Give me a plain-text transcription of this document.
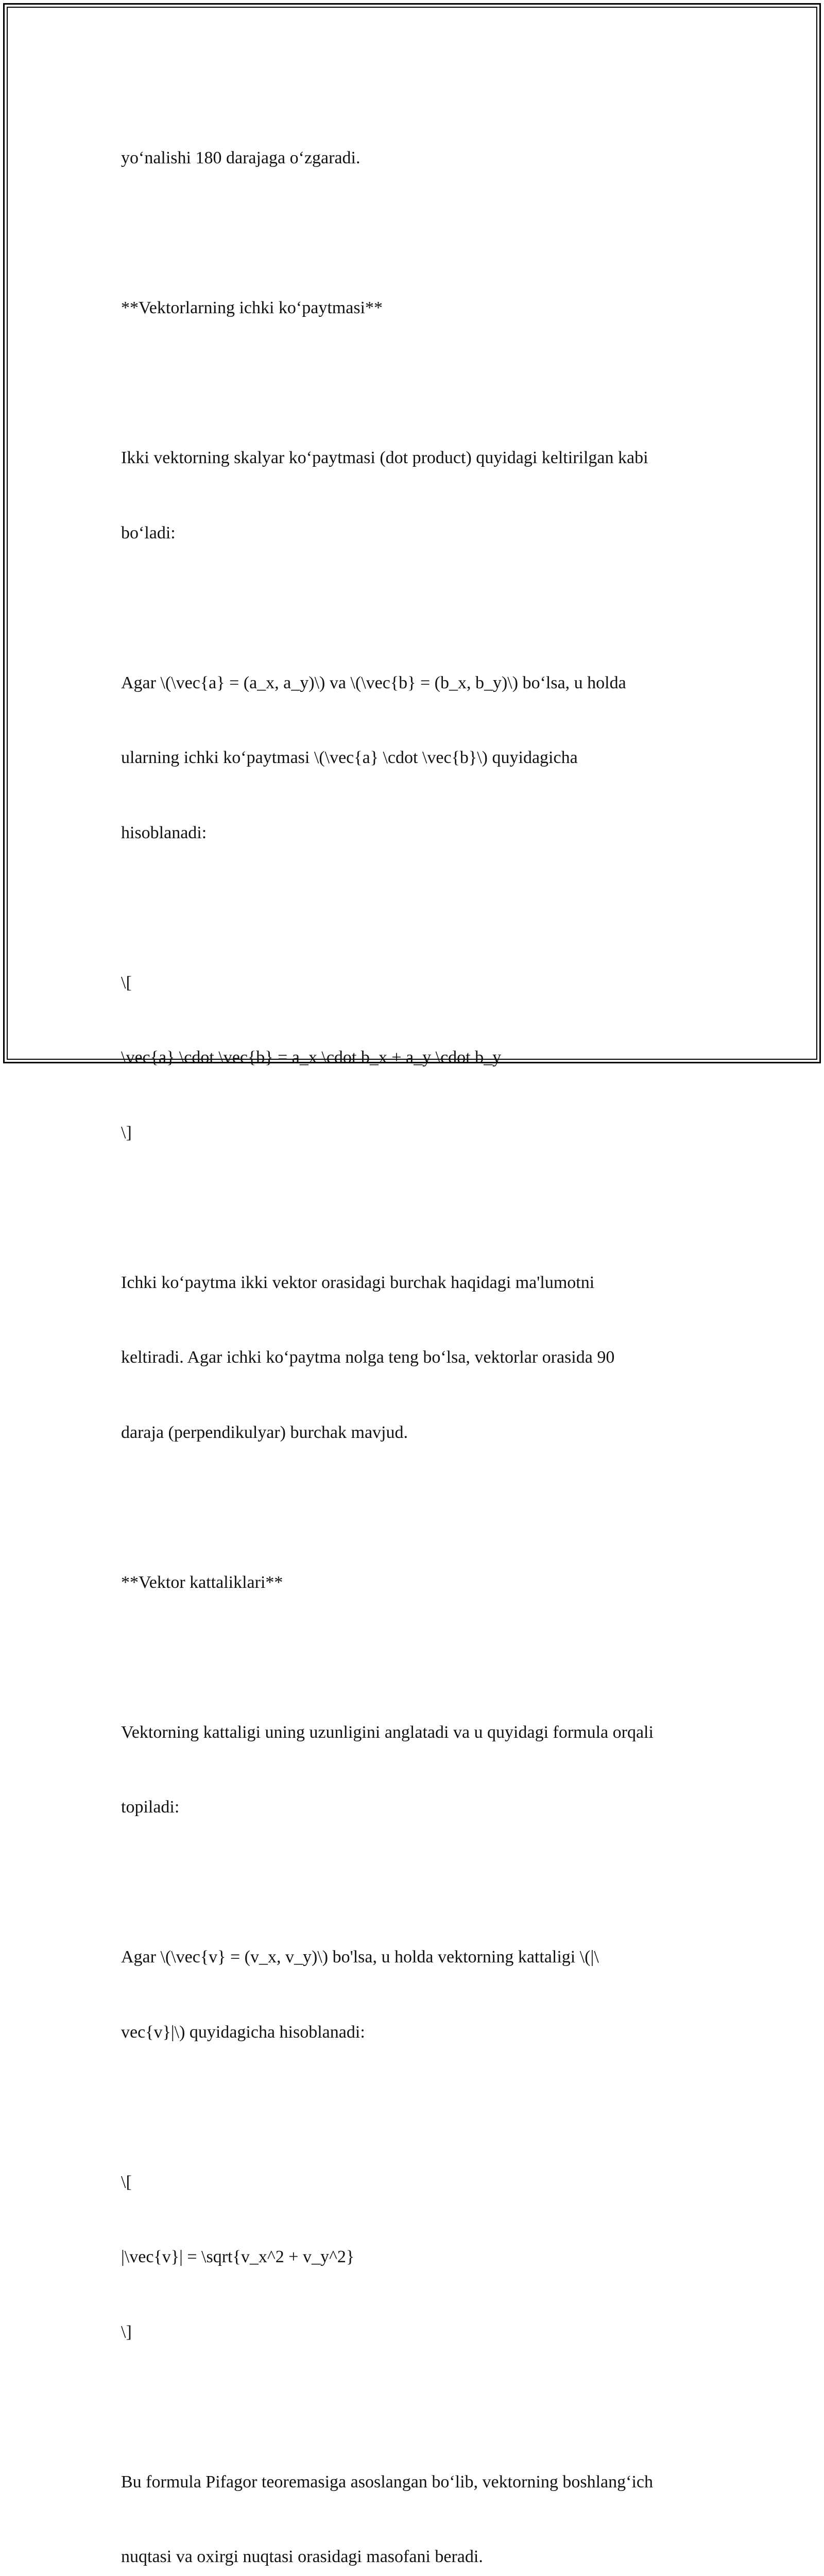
yo‘nalishi 180 darajaga o‘zgaradi.

**Vektorlarning ichki ko‘paytmasi**

Ikki vektorning skalyar ko‘paytmasi (dot product) quyidagi keltirilgan kabi

bo‘ladi:

Agar \(\vec{a} = (a_x, a_y)\) va \(\vec{b} = (b_x, b_y)\) bo‘lsa, u holda

ularning ichki ko‘paytmasi \(\vec{a} \cdot \vec{b}\) quyidagicha

hisoblanadi:

\[

\vec{a} \cdot \vec{b} = a_x \cdot b_x + a_y \cdot b_y

\]

Ichki ko‘paytma ikki vektor orasidagi burchak haqidagi ma'lumotni

keltiradi. Agar ichki ko‘paytma nolga teng bo‘lsa, vektorlar orasida 90

daraja (perpendikulyar) burchak mavjud.

**Vektor kattaliklari**

Vektorning kattaligi uning uzunligini anglatadi va u quyidagi formula orqali

topiladi:

Agar \(\vec{v} = (v_x, v_y)\) bo'lsa, u holda vektorning kattaligi \(|\

vec{v}|\) quyidagicha hisoblanadi:

\[

|\vec{v}| = \sqrt{v_x^2 + v_y^2}

\]

Bu formula Pifagor teoremasiga asoslangan bo‘lib, vektorning boshlang‘ich

nuqtasi va oxirgi nuqtasi orasidagi masofani beradi.
